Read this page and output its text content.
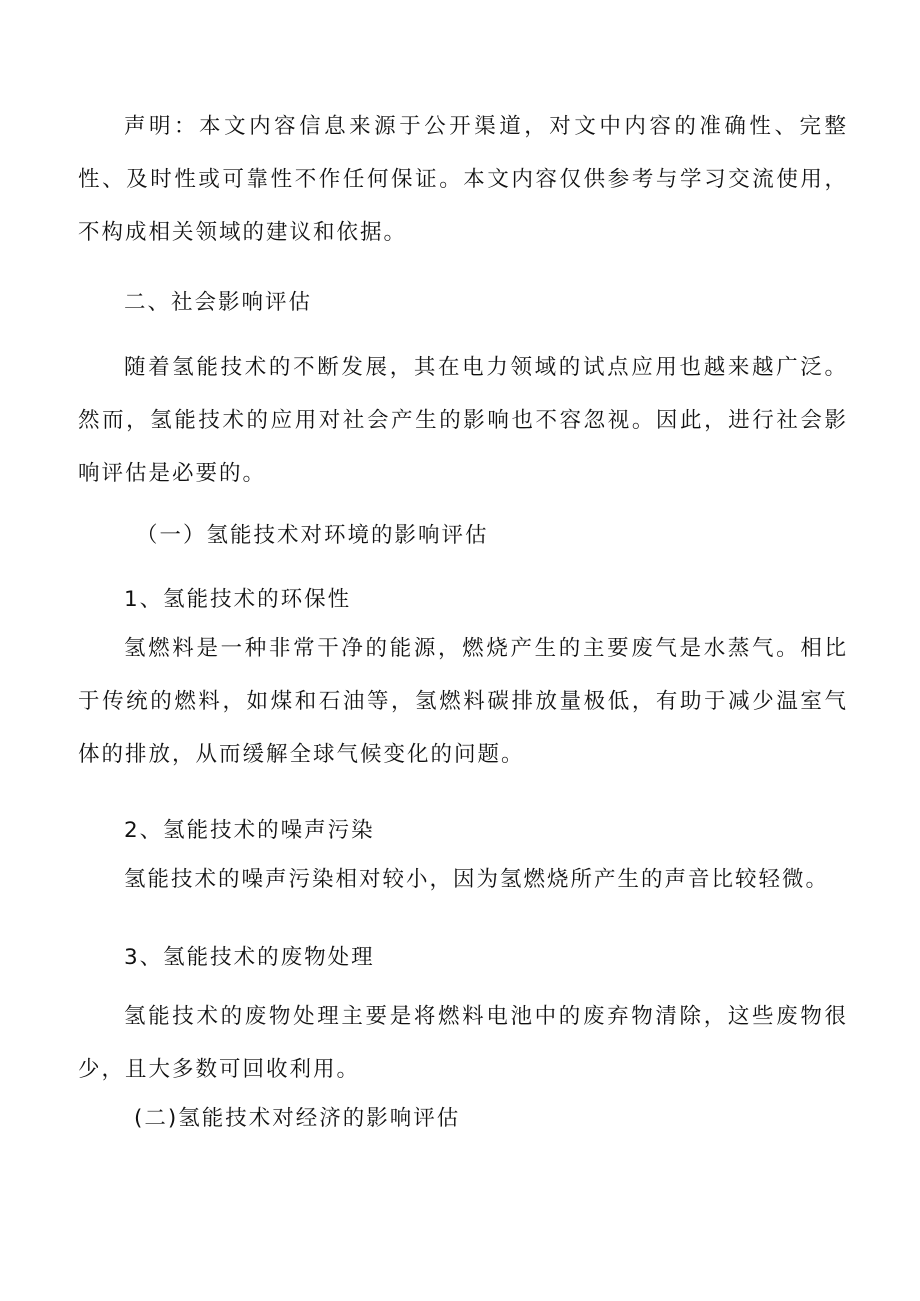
声明：本文内容信息来源于公开渠道，对文中内容的准确性、完整性、及时性或可靠性不作任何保证。本文内容仅供参考与学习交流使用，不构成相关领域的建议和依据。

二、社会影响评估

随着氢能技术的不断发展，其在电力领域的试点应用也越来越广泛。然而，氢能技术的应用对社会产生的影响也不容忽视。因此，进行社会影响评估是必要的。

（一）氢能技术对环境的影响评估

1、氢能技术的环保性

氢燃料是一种非常干净的能源，燃烧产生的主要废气是水蒸气。相比于传统的燃料，如煤和石油等，氢燃料碳排放量极低，有助于减少温室气体的排放，从而缓解全球气候变化的问题。

2、氢能技术的噪声污染

氢能技术的噪声污染相对较小，因为氢燃烧所产生的声音比较轻微。

3、氢能技术的废物处理

氢能技术的废物处理主要是将燃料电池中的废弃物清除，这些废物很少，且大多数可回收利用。

(二)氢能技术对经济的影响评估
